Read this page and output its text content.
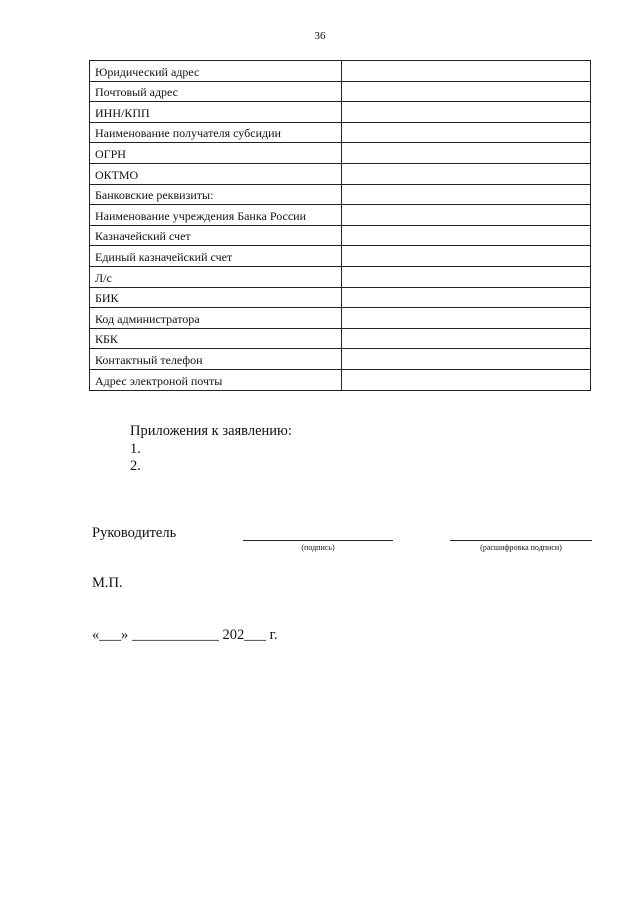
36
Юридический адрес	
Почтовый адрес	
ИНН/КПП	
Наименование получателя субсидии	
ОГРН	
ОКТМО	
Банковские реквизиты:	
Наименование учреждения Банка России	
Казначейский счет	
Единый казначейский счет	
Л/с	
БИК	
Код администратора	
КБК	
Контактный телефон	
Адрес электроной почты	
Приложения к заявлению:
1.
2.
Руководитель
(подпись)	(расшифровка подписи)
М.П.
«___» ____________ 202___ г.
